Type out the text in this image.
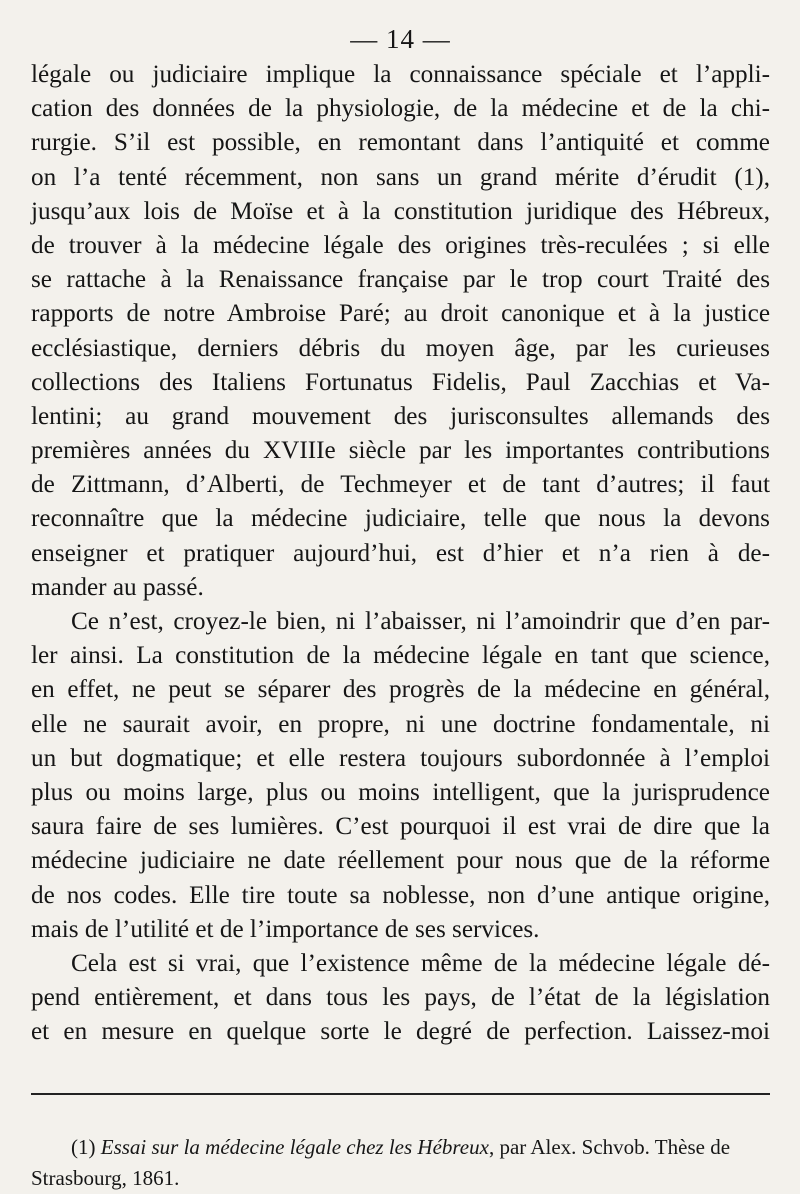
— 14 —
légale ou judiciaire implique la connaissance spéciale et l’appli-
cation des données de la physiologie, de la médecine et de la chi-
rurgie. S’il est possible, en remontant dans l’antiquité et comme
on l’a tenté récemment, non sans un grand mérite d’érudit (1),
jusqu’aux lois de Moïse et à la constitution juridique des Hébreux,
de trouver à la médecine légale des origines très-reculées ; si elle
se rattache à la Renaissance française par le trop court Traité des
rapports de notre Ambroise Paré; au droit canonique et à la justice
ecclésiastique, derniers débris du moyen âge, par les curieuses
collections des Italiens Fortunatus Fidelis, Paul Zacchias et Va-
lentini; au grand mouvement des jurisconsultes allemands des
premières années du XVIIIe siècle par les importantes contributions
de Zittmann, d’Alberti, de Techmeyer et de tant d’autres; il faut
reconnaître que la médecine judiciaire, telle que nous la devons
enseigner et pratiquer aujourd’hui, est d’hier et n’a rien à de-
mander au passé.
Ce n’est, croyez-le bien, ni l’abaisser, ni l’amoindrir que d’en par-
ler ainsi. La constitution de la médecine légale en tant que science,
en effet, ne peut se séparer des progrès de la médecine en général,
elle ne saurait avoir, en propre, ni une doctrine fondamentale, ni
un but dogmatique; et elle restera toujours subordonnée à l’emploi
plus ou moins large, plus ou moins intelligent, que la jurisprudence
saura faire de ses lumières. C’est pourquoi il est vrai de dire que la
médecine judiciaire ne date réellement pour nous que de la réforme
de nos codes. Elle tire toute sa noblesse, non d’une antique origine,
mais de l’utilité et de l’importance de ses services.
Cela est si vrai, que l’existence même de la médecine légale dé-
pend entièrement, et dans tous les pays, de l’état de la législation
et en mesure en quelque sorte le degré de perfection. Laissez-moi
(1) Essai sur la médecine légale chez les Hébreux, par Alex. Schvob. Thèse de
Strasbourg, 1861.
